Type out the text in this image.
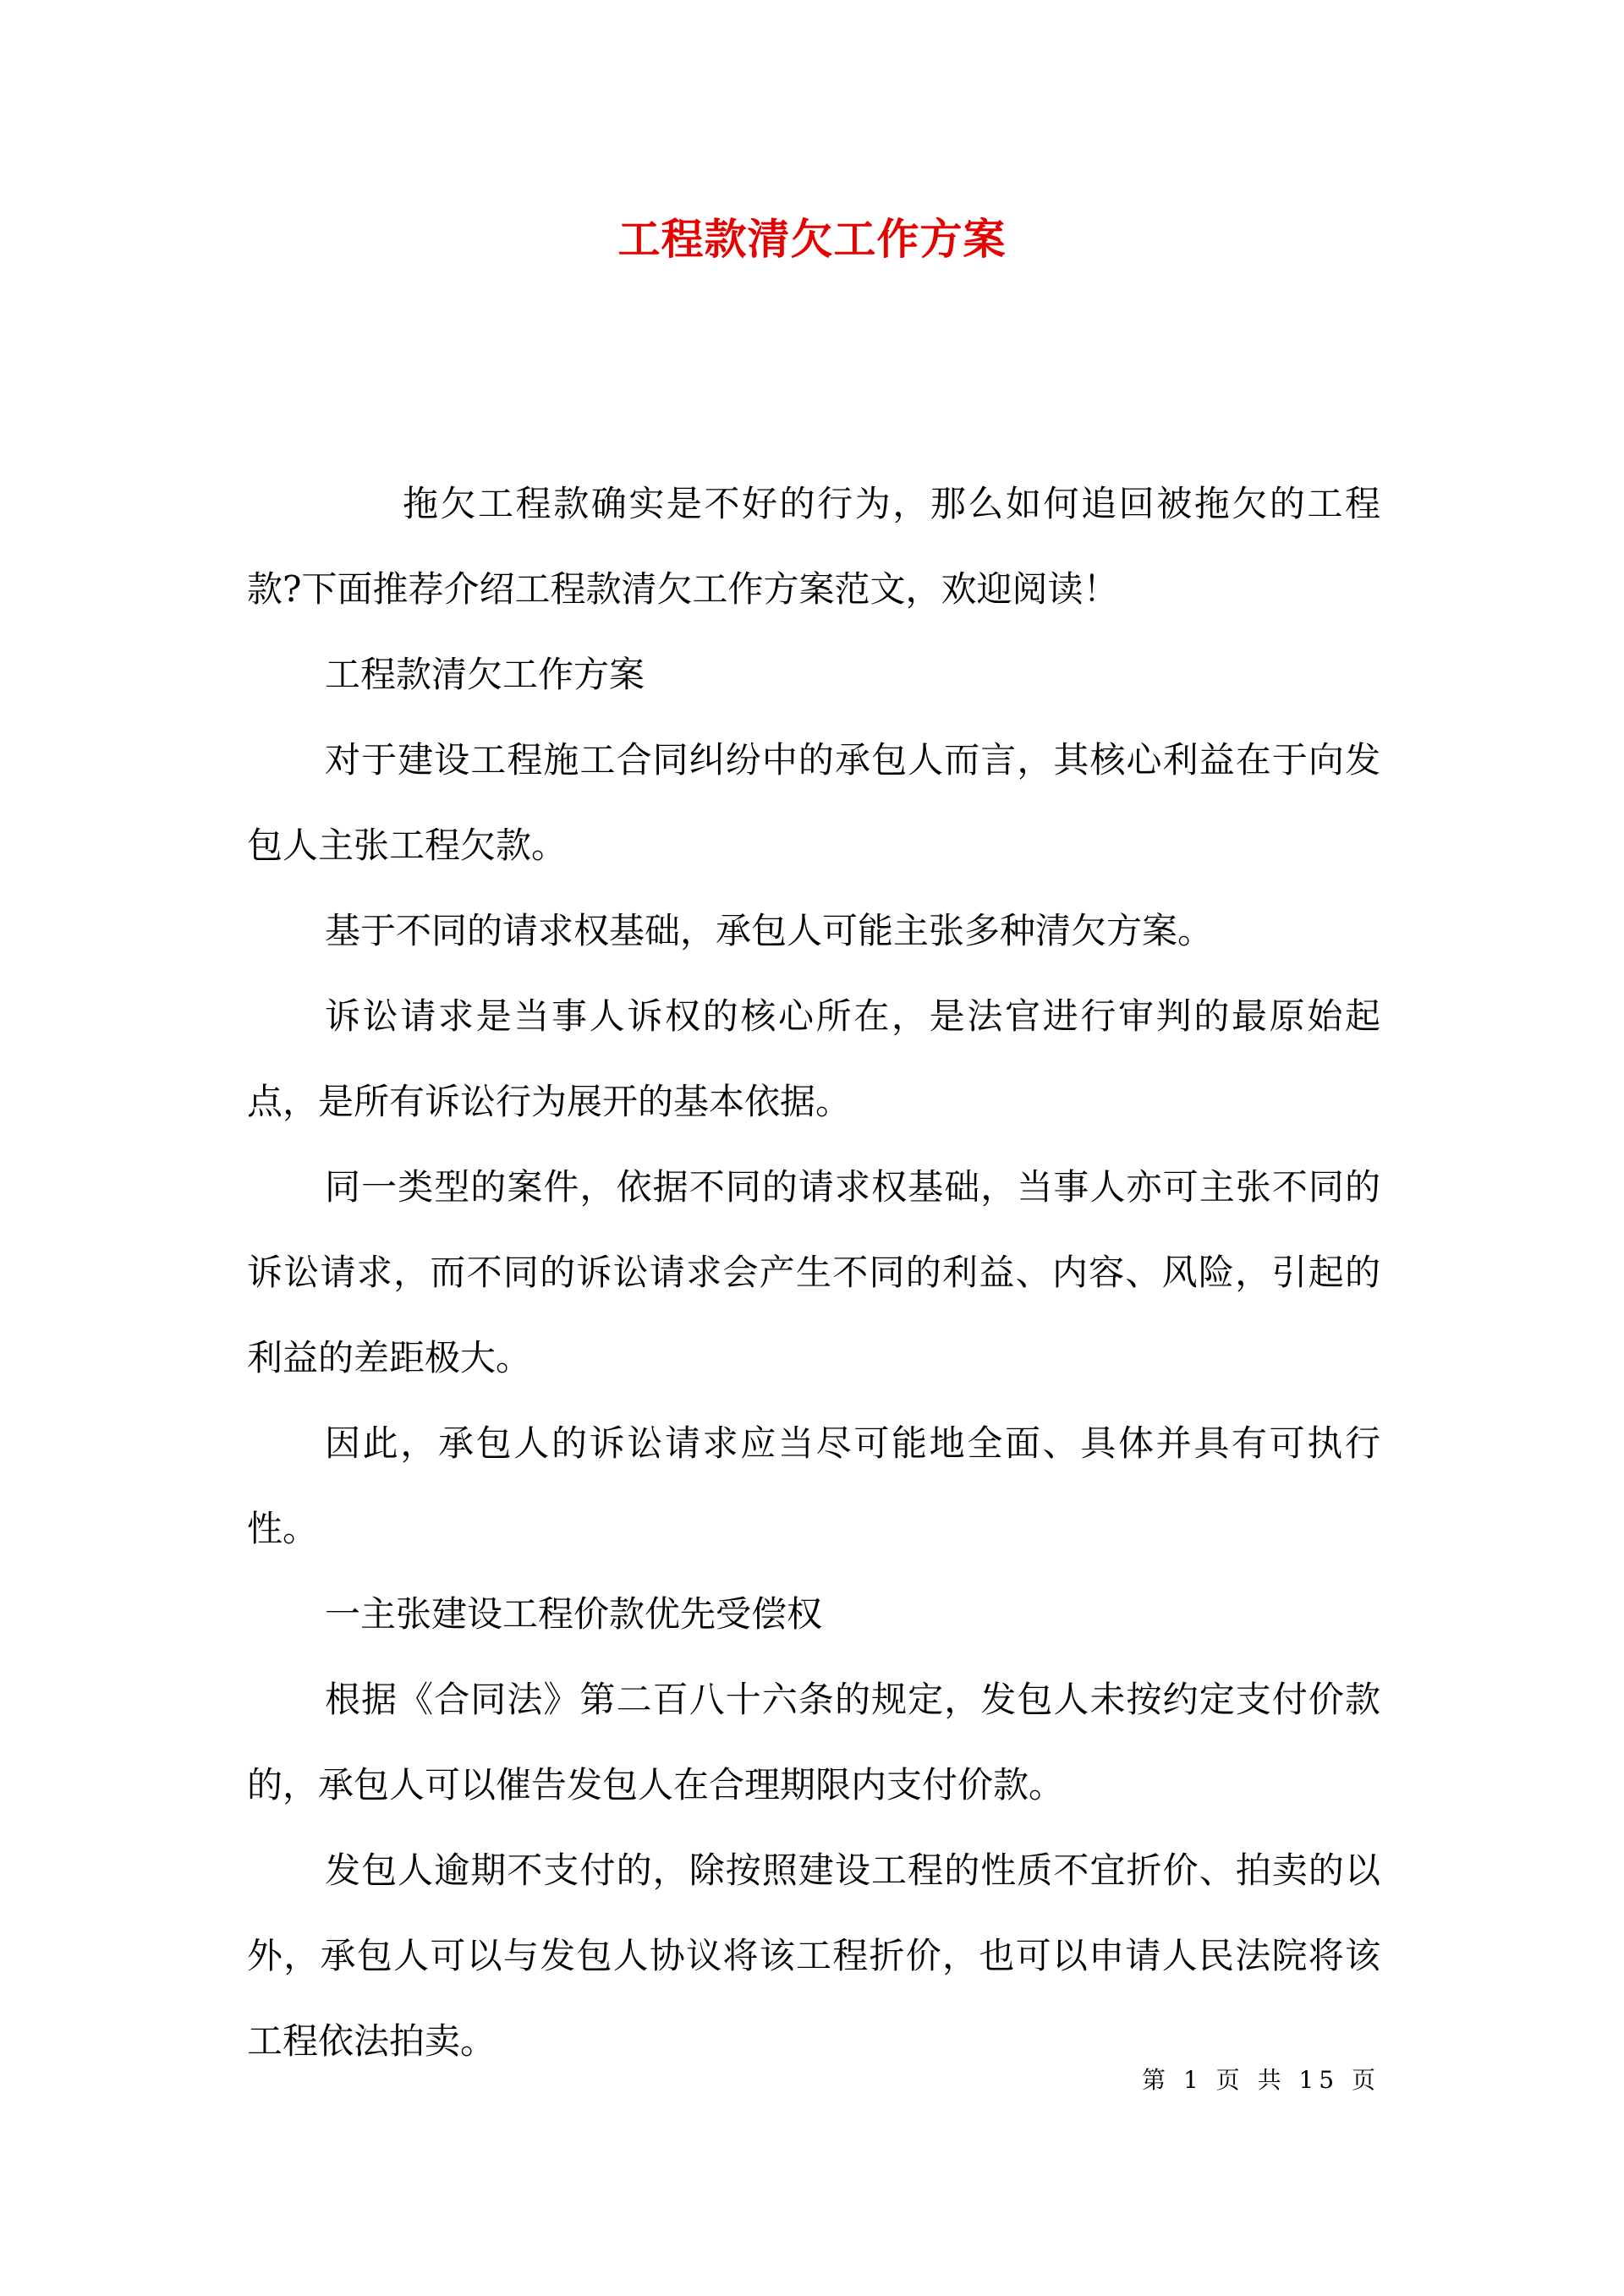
工程款清欠工作方案

拖欠工程款确实是不好的行为，那么如何追回被拖欠的工程款?下面推荐介绍工程款清欠工作方案范文，欢迎阅读！

工程款清欠工作方案

对于建设工程施工合同纠纷中的承包人而言，其核心利益在于向发包人主张工程欠款。

基于不同的请求权基础，承包人可能主张多种清欠方案。

诉讼请求是当事人诉权的核心所在，是法官进行审判的最原始起点，是所有诉讼行为展开的基本依据。

同一类型的案件，依据不同的请求权基础，当事人亦可主张不同的诉讼请求，而不同的诉讼请求会产生不同的利益、内容、风险，引起的利益的差距极大。

因此，承包人的诉讼请求应当尽可能地全面、具体并具有可执行性。

一主张建设工程价款优先受偿权

根据《合同法》第二百八十六条的规定，发包人未按约定支付价款的，承包人可以催告发包人在合理期限内支付价款。

发包人逾期不支付的，除按照建设工程的性质不宜折价、拍卖的以外，承包人可以与发包人协议将该工程折价，也可以申请人民法院将该工程依法拍卖。

第 1 页 共 15 页
